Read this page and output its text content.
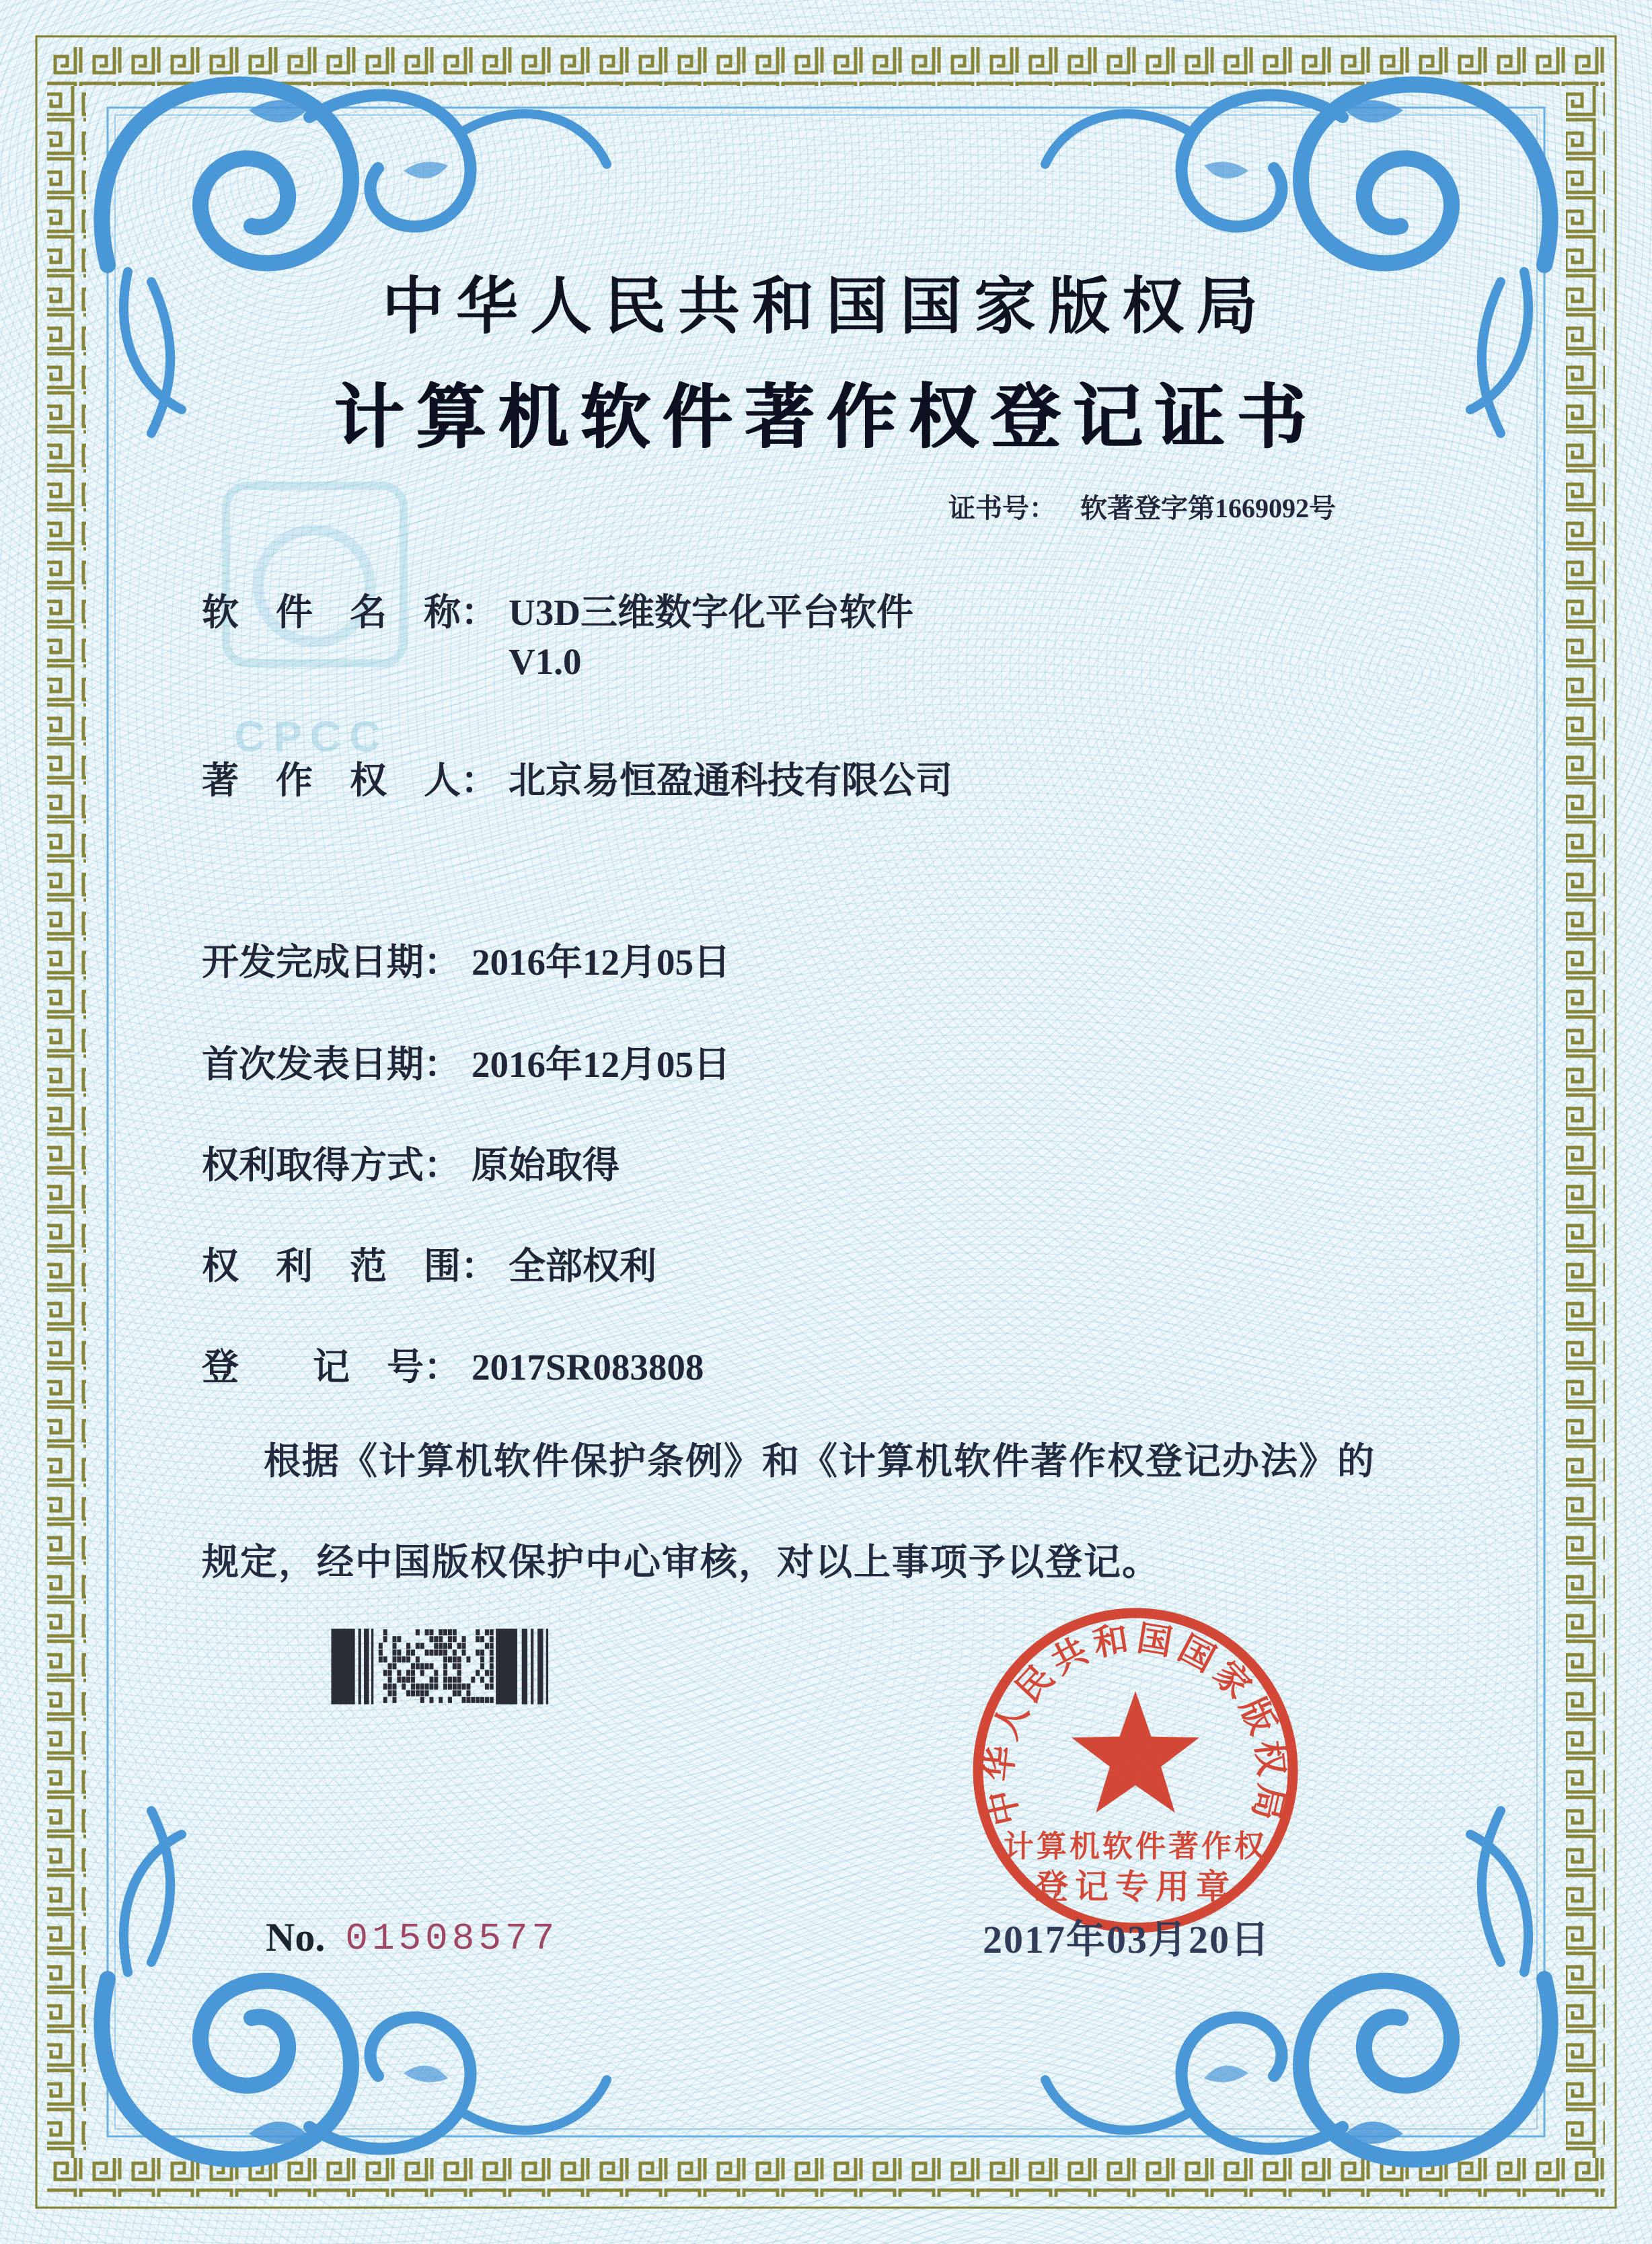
CPCC
中华人民共和国国家版权局
计算机软件著作权登记证书
证书号： 软著登字第1669092号
软　件　名　称： U3D三维数字化平台软件
V1.0
著　作　权　人： 北京易恒盈通科技有限公司
开发完成日期： 2016年12月05日
首次发表日期： 2016年12月05日
权利取得方式： 原始取得
权　利　范　围： 全部权利
登　　记　号： 2017SR083808
根据《计算机软件保护条例》和《计算机软件著作权登记办法》的
规定，经中国版权保护中心审核，对以上事项予以登记。
中华人民共和国国家版权局
计算机软件著作权
登记专用章
2017年03月20日
No. 01508577
